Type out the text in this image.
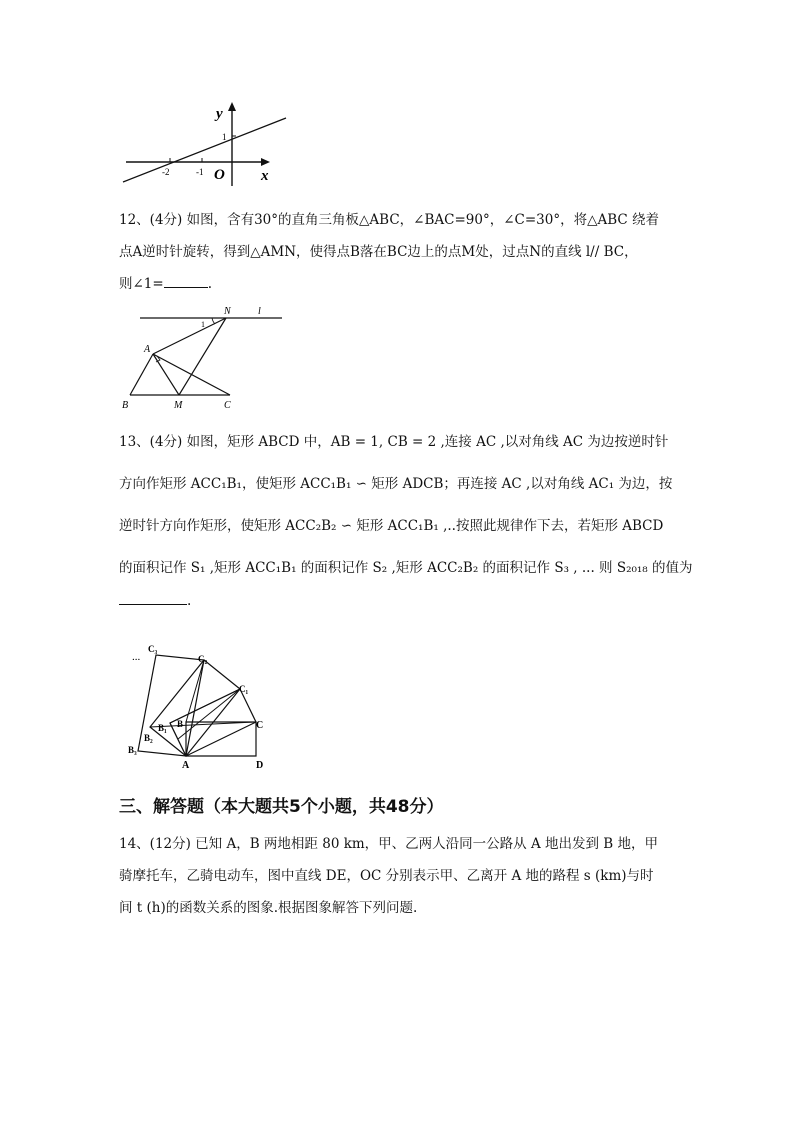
y
1
-2	-1 O x
12、(4分) 如图，含有30°的直角三角板△ABC，∠BAC=90°，∠C=30°，将△ABC 绕着
点A逆时针旋转，得到△AMN，使得点B落在BC边上的点M处，过点N的直线 l// BC，
则∠1=	.
1
N	l
A
B	M	C
13、(4分) 如图，矩形 ABCD 中，AB = 1, CB = 2 ,连接 AC ,以对角线 AC 为边按逆时针
方向作矩形 ACC₁B₁，使矩形 ACC₁B₁ ∽ 矩形 ADCB；再连接 AC ,以对角线 AC₁ 为边，按
逆时针方向作矩形，使矩形 ACC₂B₂ ∽ 矩形 ACC₁B₁ ,..按照此规律作下去，若矩形 ABCD
的面积记作 S₁ ,矩形 ACC₁B₁ 的面积记作 S₂ ,矩形 ACC₂B₂ 的面积记作 S₃ , ... 则 S₂₀₁₈ 的值为
.
...
C₃
C₂
C₁
C
B₁ B
B₂
B₃
A	D
三、解答题（本大题共5个小题，共48分）
14、(12分) 已知 A，B 两地相距 80 km，甲、乙两人沿同一公路从 A 地出发到 B 地，甲
骑摩托车，乙骑电动车，图中直线 DE，OC 分别表示甲、乙离开 A 地的路程 s (km)与时
间 t (h)的函数关系的图象.根据图象解答下列问题.
